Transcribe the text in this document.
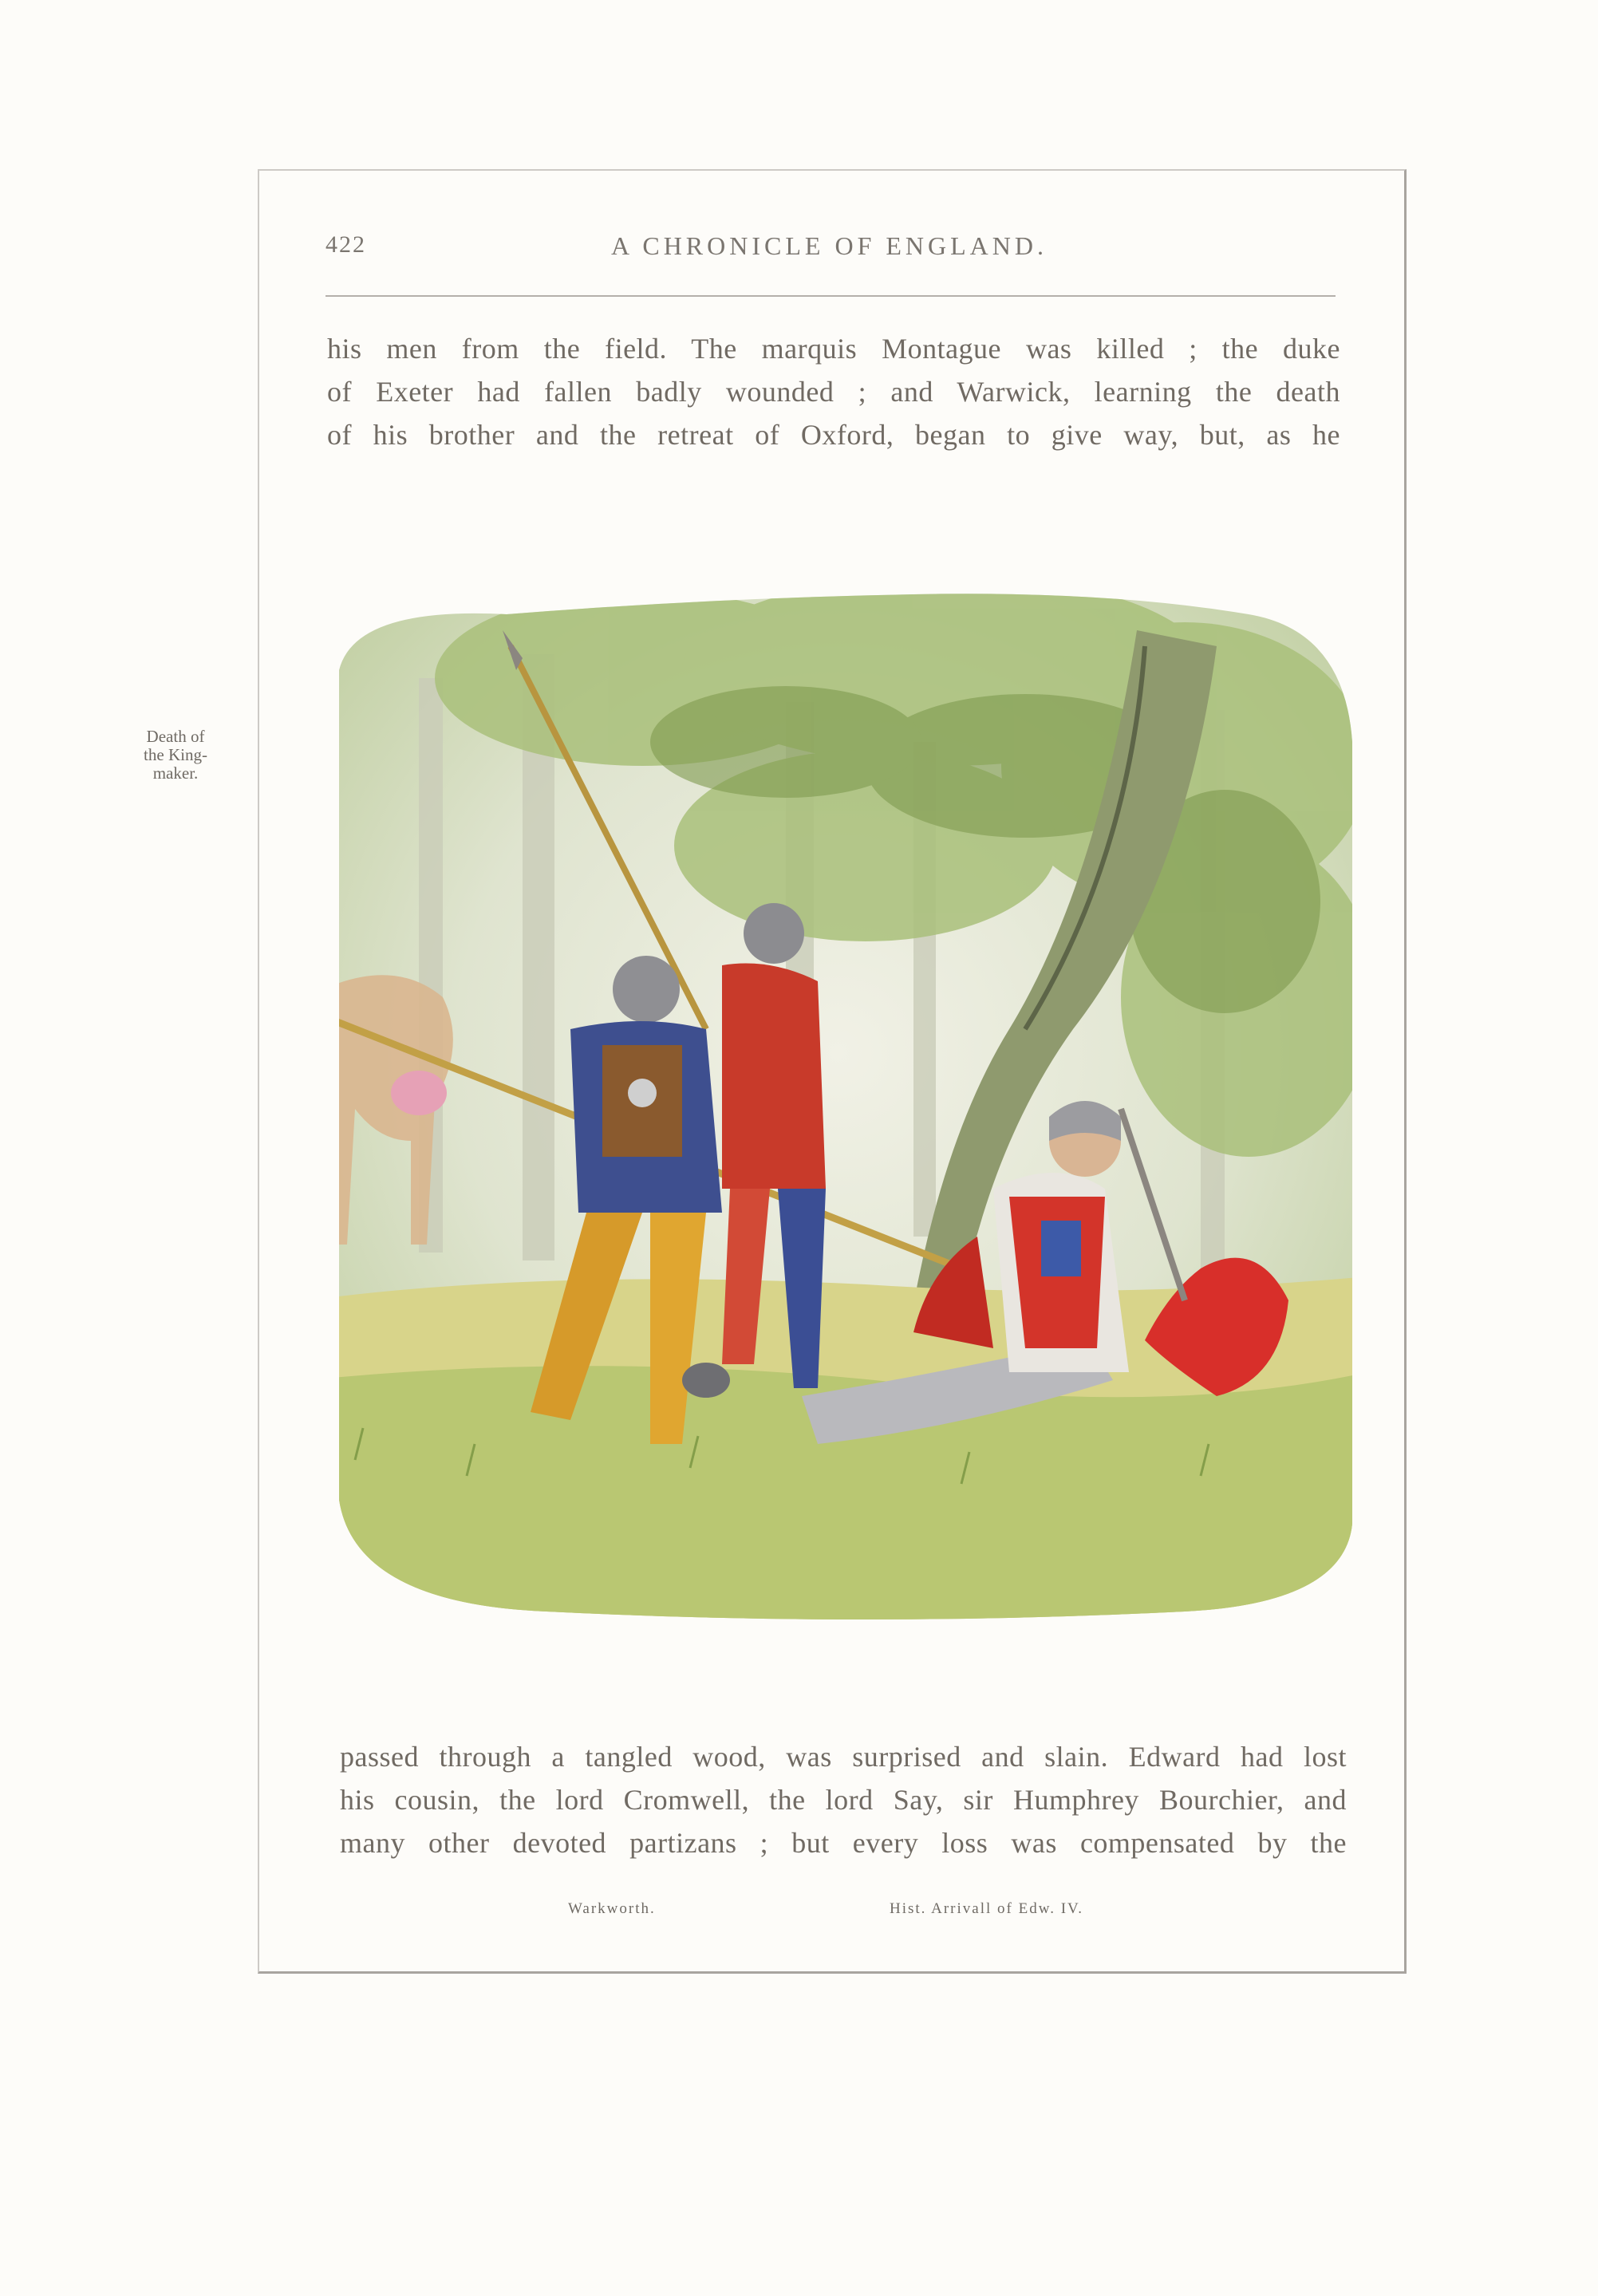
422	A CHRONICLE OF ENGLAND.
his men from the field. The marquis Montague was killed ; the duke
of Exeter had fallen badly wounded ; and Warwick, learning the death
of his brother and the retreat of Oxford, began to give way, but, as he
Death of
the King-
maker.
passed through a tangled wood, was surprised and slain. Edward had lost
his cousin, the lord Cromwell, the lord Say, sir Humphrey Bourchier, and
many other devoted partizans ; but every loss was compensated by the
Warkworth.	Hist. Arrivall of Edw. IV.
